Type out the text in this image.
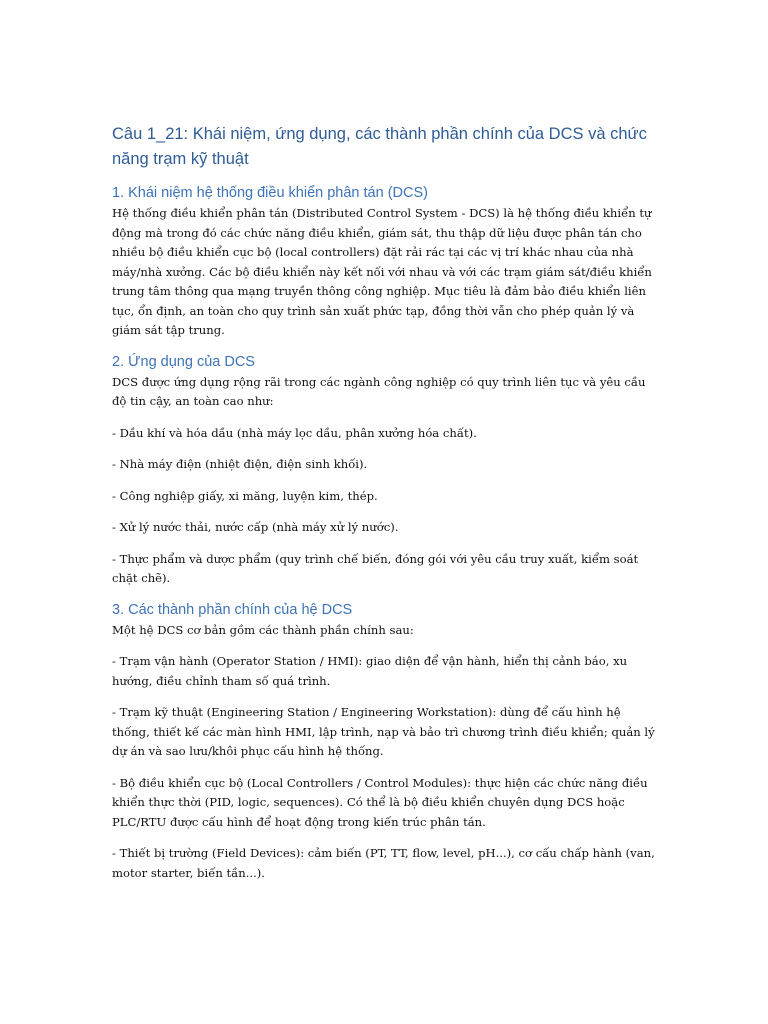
Câu 1_21: Khái niệm, ứng dụng, các thành phần chính của DCS và chức năng trạm kỹ thuật
1. Khái niệm hệ thống điều khiển phân tán (DCS)
Hệ thống điều khiển phân tán (Distributed Control System - DCS) là hệ thống điều khiển tự động mà trong đó các chức năng điều khiển, giám sát, thu thập dữ liệu được phân tán cho nhiều bộ điều khiển cục bộ (local controllers) đặt rải rác tại các vị trí khác nhau của nhà máy/nhà xưởng. Các bộ điều khiển này kết nối với nhau và với các trạm giám sát/điều khiển trung tâm thông qua mạng truyền thông công nghiệp. Mục tiêu là đảm bảo điều khiển liên tục, ổn định, an toàn cho quy trình sản xuất phức tạp, đồng thời vẫn cho phép quản lý và giám sát tập trung.
2. Ứng dụng của DCS
DCS được ứng dụng rộng rãi trong các ngành công nghiệp có quy trình liên tục và yêu cầu độ tin cậy, an toàn cao như:
- Dầu khí và hóa dầu (nhà máy lọc dầu, phân xưởng hóa chất).
- Nhà máy điện (nhiệt điện, điện sinh khối).
- Công nghiệp giấy, xi măng, luyện kim, thép.
- Xử lý nước thải, nước cấp (nhà máy xử lý nước).
- Thực phẩm và dược phẩm (quy trình chế biến, đóng gói với yêu cầu truy xuất, kiểm soát chặt chẽ).
3. Các thành phần chính của hệ DCS
Một hệ DCS cơ bản gồm các thành phần chính sau:
- Trạm vận hành (Operator Station / HMI): giao diện để vận hành, hiển thị cảnh báo, xu hướng, điều chỉnh tham số quá trình.
- Trạm kỹ thuật (Engineering Station / Engineering Workstation): dùng để cấu hình hệ thống, thiết kế các màn hình HMI, lập trình, nạp và bảo trì chương trình điều khiển; quản lý dự án và sao lưu/khôi phục cấu hình hệ thống.
- Bộ điều khiển cục bộ (Local Controllers / Control Modules): thực hiện các chức năng điều khiển thực thời (PID, logic, sequences). Có thể là bộ điều khiển chuyên dụng DCS hoặc PLC/RTU được cấu hình để hoạt động trong kiến trúc phân tán.
- Thiết bị trường (Field Devices): cảm biến (PT, TT, flow, level, pH...), cơ cấu chấp hành (van, motor starter, biến tần...).
